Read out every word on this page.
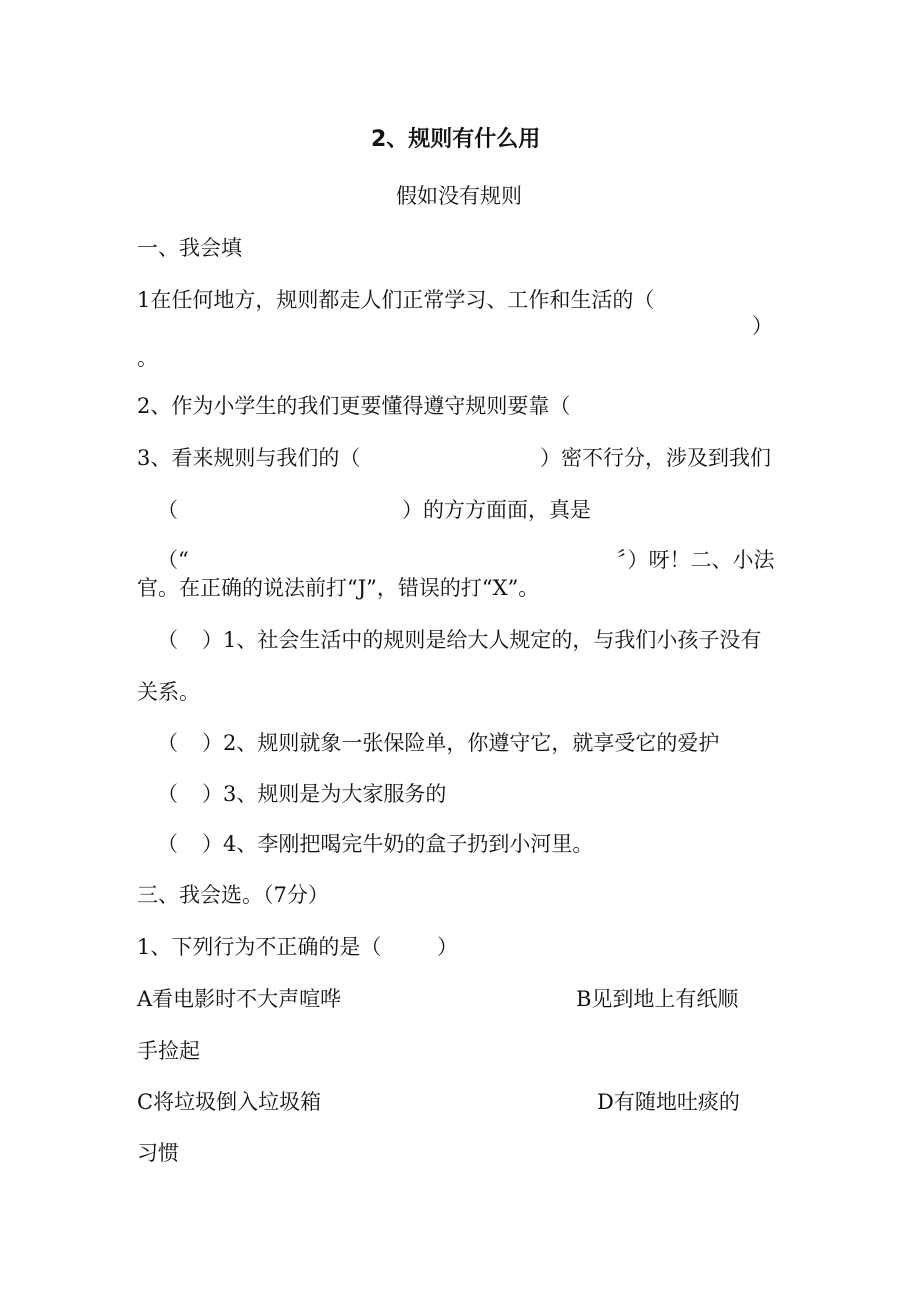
2、规则有什么用
假如没有规则
一、我会填
1在任何地方，规则都走人们正常学习、工作和生活的（
）
。
2、作为小学生的我们更要懂得遵守规则要靠（

3、看来规则与我们的（

	）密不行分，涉及到我们

（

	）的方方面面，真是

（“

	〞）呀！二、小法

官。在正确的说法前打“J”，错误的打“X”。

（

）1、社会生活中的规则是给大人规定的，与我们小孩子没有

关系。

（

）2、规则就象一张保险单，你遵守它，就享受它的爱护

（

）3、规则是为大家服务的

（

）4、李刚把喝完牛奶的盒子扔到小河里。

三、我会选。（7分）

1、下列行为不正确的是（

	）

A看电影时不大声喧哗

	B见到地上有纸顺

手捡起

C将垃圾倒入垃圾箱

	D有随地吐痰的

习惯
